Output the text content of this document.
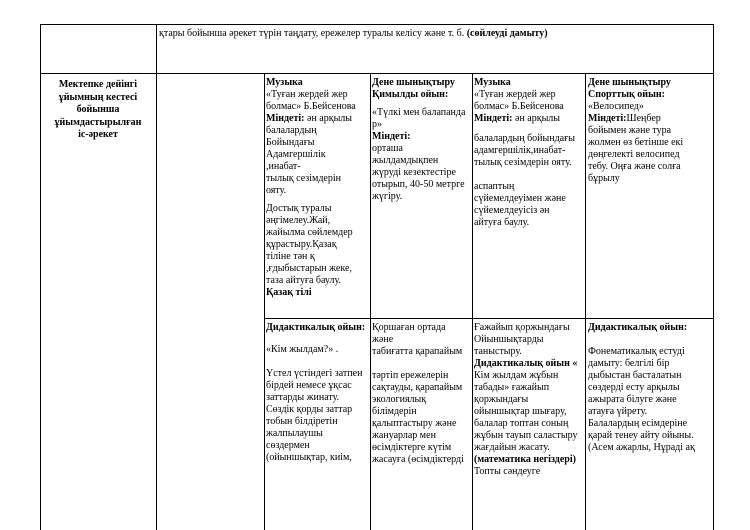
қтары бойынша әрекет түрін таңдату, ережелер туралы келісу және т. б. (сөйлеуді дамыту)
Мектепке дейінгі
ұйымның кестесі
бойынша
ұйымдастырылған
іс-әрекет
Музыка
«Туған жердей жер
болмас» Б.Бейсенова
Міндеті: ән арқылы
балалардың
Бойындағы
Адамгершілік
,инабат-
тылық сезімдерін
ояту.
Достық туралы
әңгімелеу.Жай,
жайылма сөйлемдер
құрастыру.Қазақ
тіліне тән қ
,ғдыбыстарын жеке,
таза айтуға баулу.
Қазақ тілі
Дене шынықтыру
Қимылды ойын:
«Түлкі мен балапанда
р»
Міндеті:
орташа
жылдамдықпен
жүруді кезектестіре
отырып, 40-50 метрге
жүгіру.
Музыка
«Туған жердей жер
болмас» Б.Бейсенова
Міндеті: ән арқылы
балалардың бойындағы
адамгершілік,инабат-
тылық сезімдерін ояту.
аспаптың
сүйемелдеуімен және
сүйемелдеуісіз ән
айтуға баулу.
Дене шынықтыру
Спорттық ойын:
«Велосипед»
Міндеті:Шеңбер
бойымен және тура
жолмен өз бетінше екі
дөңгелекті велосипед
тебу. Оңға және солға
бұрылу
Дидактикалық ойын:
«Кім жылдам?» .
Үстел үстіндегі затпен
бірдей немесе ұқсас
заттарды жинату.
Сөздік қорды заттар
тобын білдіретін
жалпылаушы
сөздермен
(ойыншықтар, киім,
Қоршаған ортада
және
табиғатта қарапайым
тәртіп ережелерін
сақтауды, қарапайым
экологиялық
білімдерін
қалыптастыру және
жануарлар мен
өсімдіктерге күтім
жасауға (өсімдіктерді
Ғажайып қоржындағы
Ойыншықтарды
таныстыру.
Дидактикалық ойын «
Кім жылдам жұбын
табады» ғажайып
қоржындағы
ойыншықтар шығару,
балалар топтан соның
жұбын тауып саластыру
жағдайын жасату.
(математика негіздері)
Топты сәндеуге
Дидактикалық ойын:
Фонематикалық естуді
дамыту: белгілі бір
дыбыстан басталатын
сөздерді есту арқылы
ажырата білуге және
атауға үйрету.
Балалардың есімдеріне
қарай тенеу айту ойыны.
(Асем ажарлы, Нұрадi ақ
